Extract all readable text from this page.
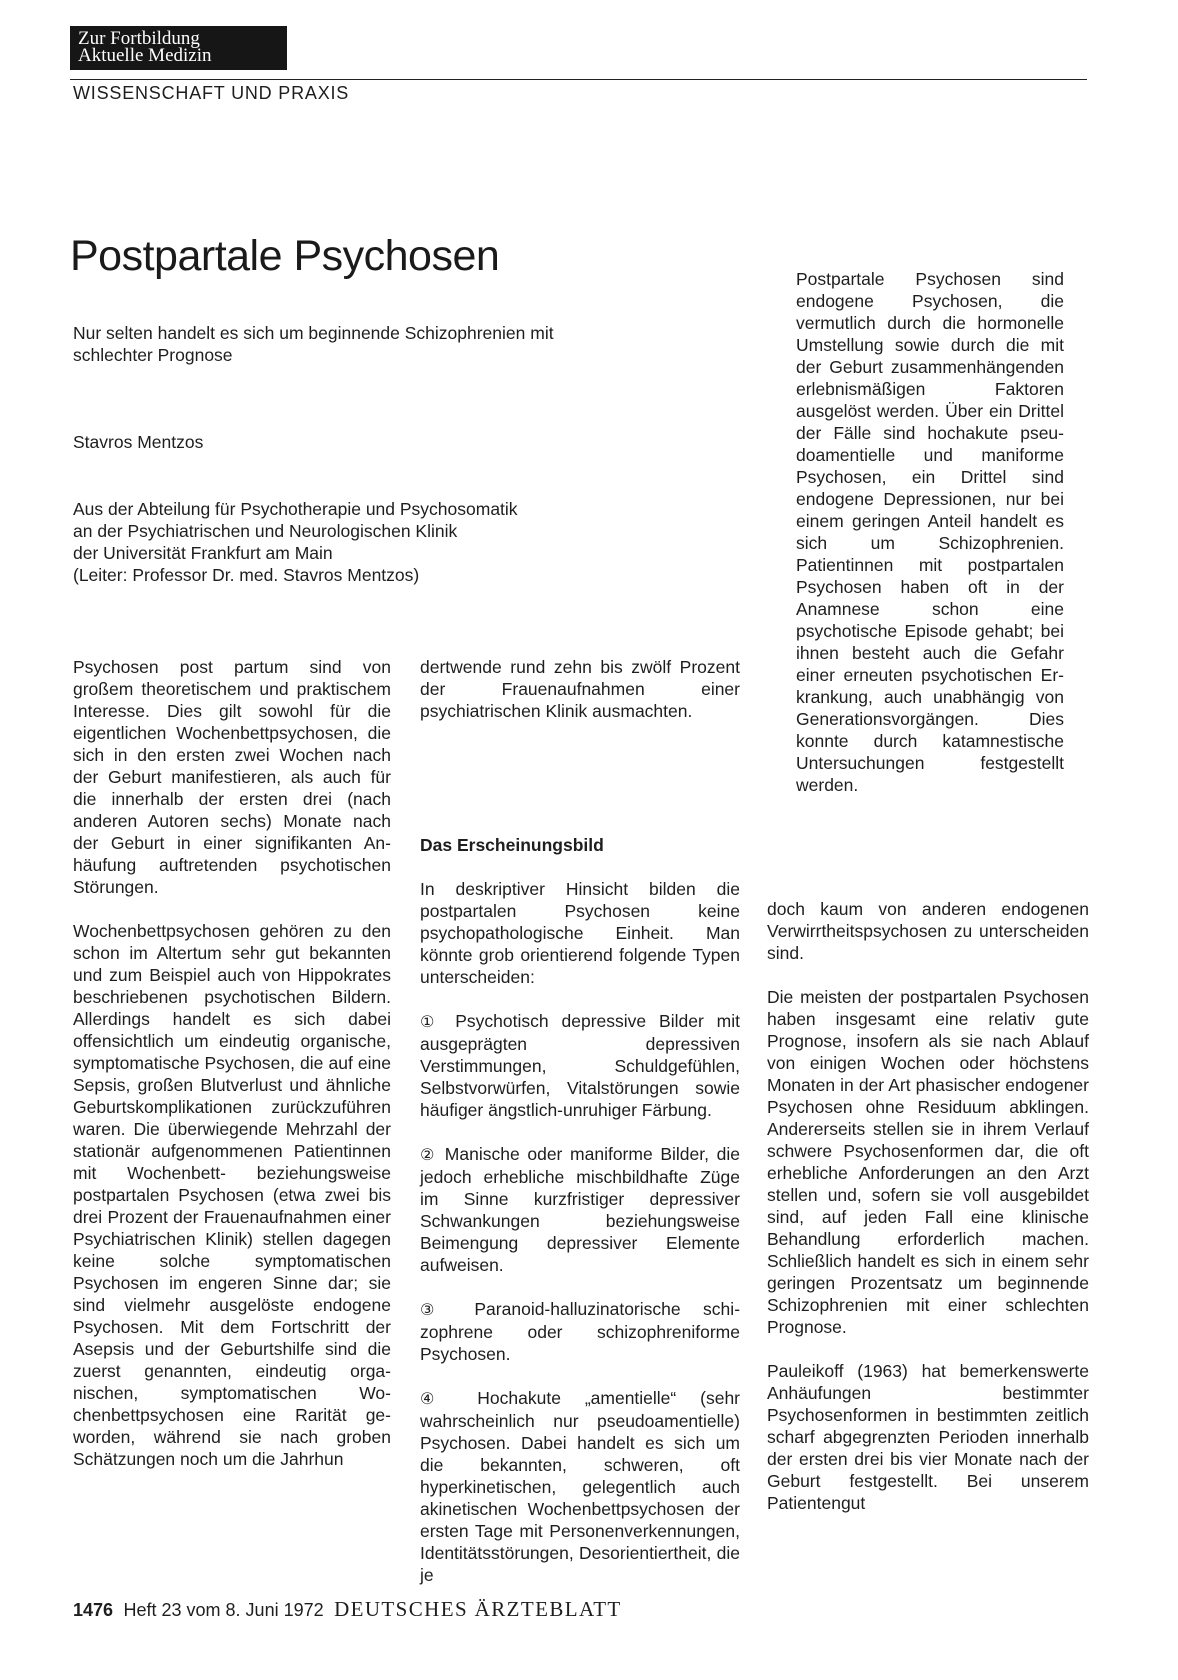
Zur Fortbildung
Aktuelle Medizin
WISSENSCHAFT UND PRAXIS
Postpartale Psychosen
Nur selten handelt es sich um beginnende Schizophrenien mit schlechter Prognose
Stavros Mentzos
Aus der Abteilung für Psychotherapie und Psychosomatik
an der Psychiatrischen und Neurologischen Klinik
der Universität Frankfurt am Main
(Leiter: Professor Dr. med. Stavros Mentzos)

Psychosen post partum sind von großem theoretischem und praktischem Interesse. Dies gilt sowohl für die eigentlichen Wochenbettpsychosen, die sich in den ersten zwei Wochen nach der Geburt manifestieren, als auch für die innerhalb der ersten drei (nach anderen Autoren sechs) Monate nach der Geburt in einer signifikanten Anhäufung auftretenden psychotischen Störungen.

Wochenbettpsychosen gehören zu den schon im Altertum sehr gut bekannten und zum Beispiel auch von Hippokrates beschriebenen psychotischen Bildern. Allerdings handelt es sich dabei offensichtlich um eindeutig organische, symptomatische Psychosen, die auf eine Sepsis, großen Blutverlust und ähnliche Geburtskomplikationen zurückzuführen waren. Die überwiegende Mehrzahl der stationär aufgenommenen Patientinnen mit Wochenbett- beziehungsweise postpartalen Psychosen (etwa zwei bis drei Prozent der Frauenaufnahmen einer Psychiatrischen Klinik) stellen dagegen keine solche symptomatischen Psychosen im engeren Sinne dar; sie sind vielmehr ausgelöste endogene Psychosen. Mit dem Fortschritt der Asepsis und der Geburtshilfe sind die zuerst genannten, eindeutig organischen, symptomatischen Wochenbettpsychosen eine Rarität geworden, während sie nach groben Schätzungen noch um die Jahrhun

dertwende rund zehn bis zwölf Prozent der Frauenaufnahmen einer psychiatrischen Klinik ausmachten.

Das Erscheinungsbild

In deskriptiver Hinsicht bilden die postpartalen Psychosen keine psychopathologische Einheit. Man könnte grob orientierend folgende Typen unterscheiden:

① Psychotisch depressive Bilder mit ausgeprägten depressiven Verstimmungen, Schuldgefühlen, Selbstvorwürfen, Vitalstörungen sowie häufiger ängstlich-unruhiger Färbung.

② Manische oder maniforme Bilder, die jedoch erhebliche mischbildhafte Züge im Sinne kurzfristiger depressiver Schwankungen beziehungsweise Beimengung depressiver Elemente aufweisen.

③ Paranoid-halluzinatorische schizophrene oder schizophreniforme Psychosen.

④ Hochakute „amentielle“ (sehr wahrscheinlich nur pseudoamentielle) Psychosen. Dabei handelt es sich um die bekannten, schweren, oft hyperkinetischen, gelegentlich auch akinetischen Wochenbettpsychosen der ersten Tage mit Personenverkennungen, Identitätsstörungen, Desorientiertheit, die je

Postpartale Psychosen sind endogene Psychosen, die vermutlich durch die hormonelle Umstellung sowie durch die mit der Geburt zusammenhängenden erlebnismäßigen Faktoren ausgelöst werden. Über ein Drittel der Fälle sind hochakute pseudoamentielle und maniforme Psychosen, ein Drittel sind endogene Depressionen, nur bei einem geringen Anteil handelt es sich um Schizophrenien. Patientinnen mit postpartalen Psychosen haben oft in der Anamnese schon eine psychotische Episode gehabt; bei ihnen besteht auch die Gefahr einer erneuten psychotischen Erkrankung, auch unabhängig von Generationsvorgängen. Dies konnte durch katamnestische Untersuchungen festgestellt werden.

doch kaum von anderen endogenen Verwirrtheitspsychosen zu unterscheiden sind.

Die meisten der postpartalen Psychosen haben insgesamt eine relativ gute Prognose, insofern als sie nach Ablauf von einigen Wochen oder höchstens Monaten in der Art phasischer endogener Psychosen ohne Residuum abklingen. Andererseits stellen sie in ihrem Verlauf schwere Psychosenformen dar, die oft erhebliche Anforderungen an den Arzt stellen und, sofern sie voll ausgebildet sind, auf jeden Fall eine klinische Behandlung erforderlich machen. Schließlich handelt es sich in einem sehr geringen Prozentsatz um beginnende Schizophrenien mit einer schlechten Prognose.

Pauleikoff (1963) hat bemerkenswerte Anhäufungen bestimmter Psychosenformen in bestimmten zeitlich scharf abgegrenzten Perioden innerhalb der ersten drei bis vier Monate nach der Geburt festgestellt. Bei unserem Patientengut

1476 Heft 23 vom 8. Juni 1972 DEUTSCHES ÄRZTEBLATT
